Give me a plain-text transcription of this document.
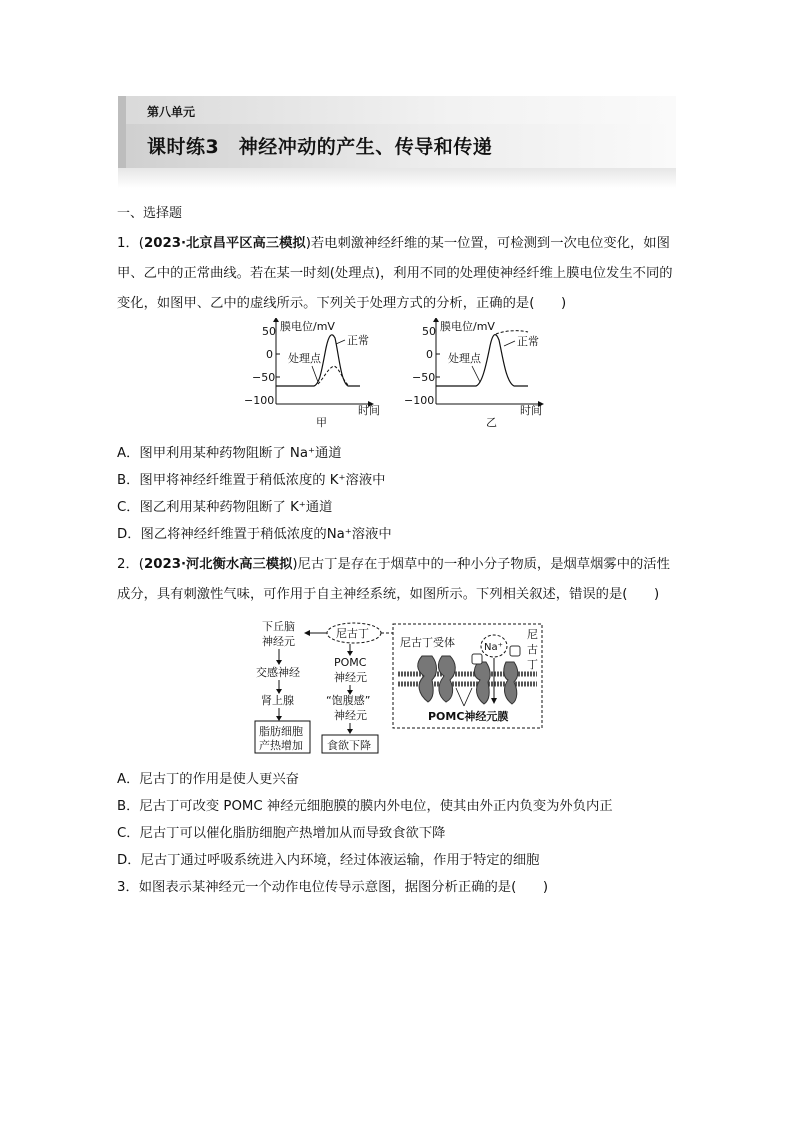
第八单元
课时练3　神经冲动的产生、传导和传递
一、选择题
1．(2023·北京昌平区高三模拟)若电刺激神经纤维的某一位置，可检测到一次电位变化，如图甲、乙中的正常曲线。若在某一时刻(处理点)，利用不同的处理使神经纤维上膜电位发生不同的变化，如图甲、乙中的虚线所示。下列关于处理方式的分析，正确的是(　　)
50
0
−50
−100
膜电位/mV
正常
处理点
时间
甲
50
0
−50
−100
膜电位/mV
正常
处理点
时间
乙
A．图甲利用某种药物阻断了 Na⁺通道
B．图甲将神经纤维置于稍低浓度的 K⁺溶液中
C．图乙利用某种药物阻断了 K⁺通道
D．图乙将神经纤维置于稍低浓度的Na⁺溶液中
2．(2023·河北衡水高三模拟)尼古丁是存在于烟草中的一种小分子物质，是烟草烟雾中的活性成分，具有刺激性气味，可作用于自主神经系统，如图所示。下列相关叙述，错误的是(　　)
下丘脑
神经元
尼古丁
交感神经
肾上腺
脂肪细胞
产热增加
POMC
神经元
“饱腹感”
神经元
食欲下降
尼古丁受体	Na⁺
尼
古
丁
POMC神经元膜
A．尼古丁的作用是使人更兴奋
B．尼古丁可改变 POMC 神经元细胞膜的膜内外电位，使其由外正内负变为外负内正
C．尼古丁可以催化脂肪细胞产热增加从而导致食欲下降
D．尼古丁通过呼吸系统进入内环境，经过体液运输，作用于特定的细胞
3．如图表示某神经元一个动作电位传导示意图，据图分析正确的是(　　)
